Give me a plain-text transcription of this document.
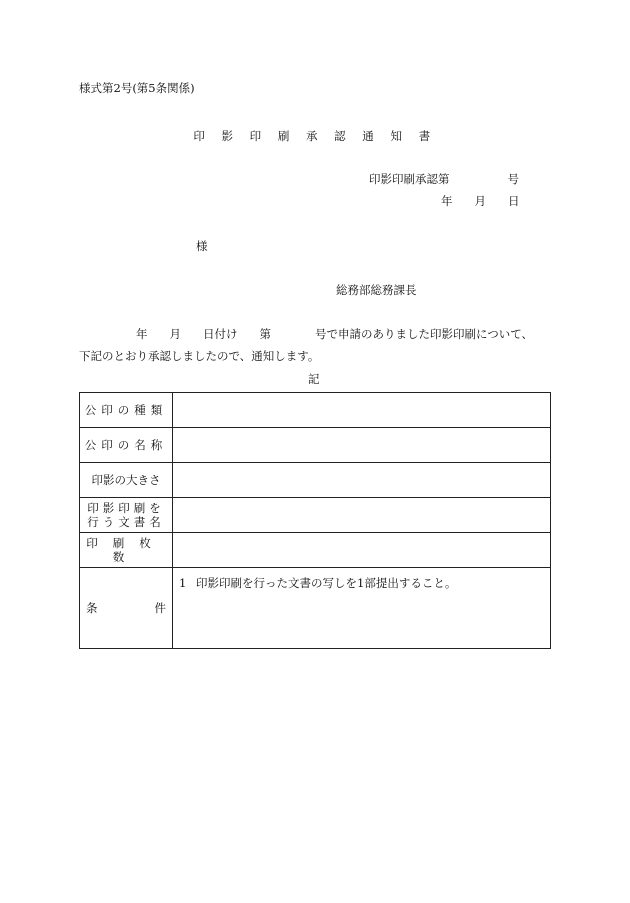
様式第2号(第5条関係)
印 影 印 刷 承 認 通 知 書
印影印刷承認第	号
年 月 日
様
総務部総務課長
年 月 日付け 第	号で申請のありました印影印刷について、
下記のとおり承認しましたので、通知します。
記
公印の種類	
公印の名称	
印影の大きさ	

印影印刷を
行う文書名	

印刷枚数	

条 件	1 印影印刷を行った文書の写しを1部提出すること。
